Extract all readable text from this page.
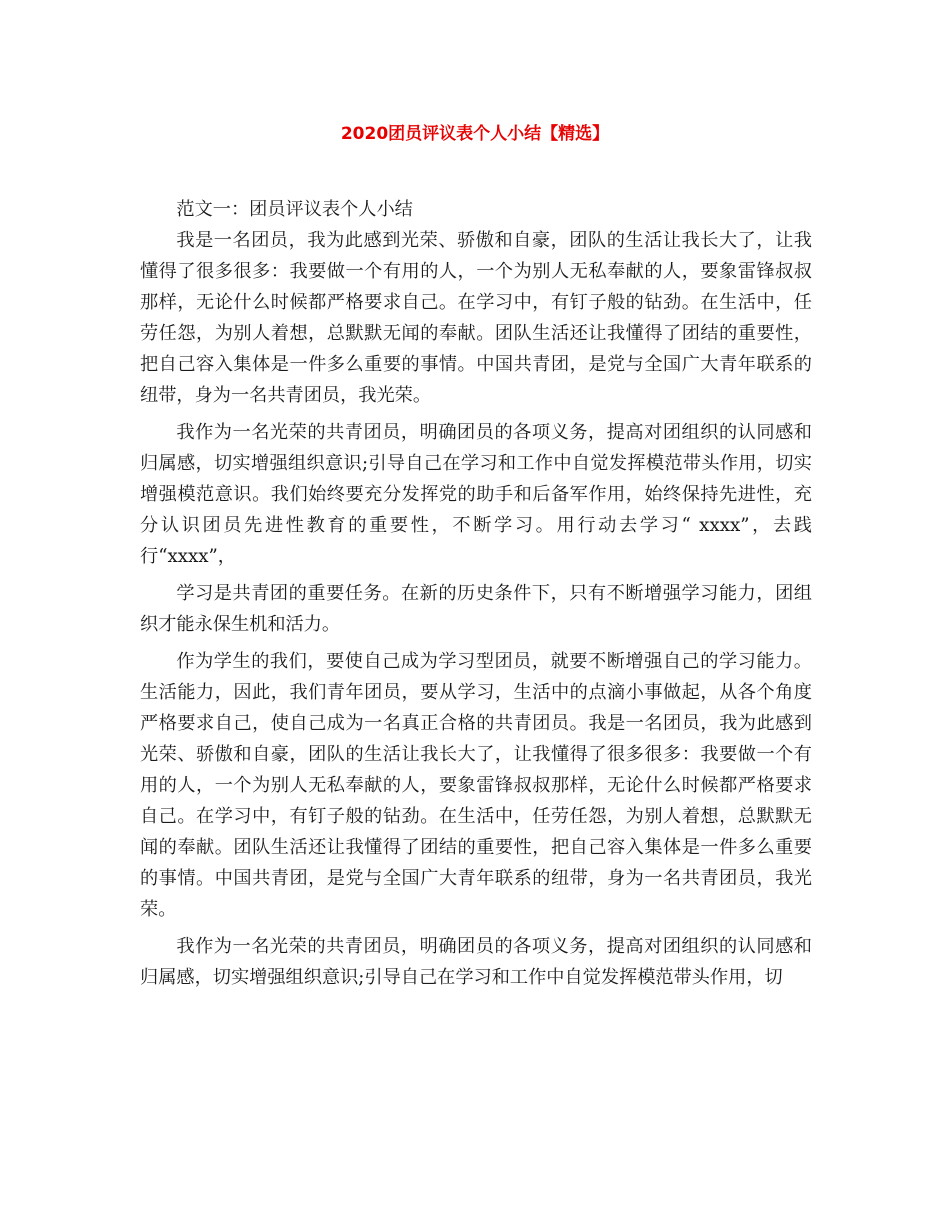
2020团员评议表个人小结【精选】

范文一：团员评议表个人小结

我是一名团员，我为此感到光荣、骄傲和自豪，团队的生活让我长大了，让我懂得了很多很多：我要做一个有用的人，一个为别人无私奉献的人，要象雷锋叔叔那样，无论什么时候都严格要求自己。在学习中，有钉子般的钻劲。在生活中，任劳任怨，为别人着想，总默默无闻的奉献。团队生活还让我懂得了团结的重要性，把自己容入集体是一件多么重要的事情。中国共青团，是党与全国广大青年联系的纽带，身为一名共青团员，我光荣。

我作为一名光荣的共青团员，明确团员的各项义务，提高对团组织的认同感和归属感，切实增强组织意识;引导自己在学习和工作中自觉发挥模范带头作用，切实增强模范意识。我们始终要充分发挥党的助手和后备军作用，始终保持先进性，充分认识团员先进性教育的重要性，不断学习。用行动去学习“ xxxx”，去践行“xxxx”，

学习是共青团的重要任务。在新的历史条件下，只有不断增强学习能力，团组织才能永保生机和活力。

作为学生的我们，要使自己成为学习型团员，就要不断增强自己的学习能力。生活能力，因此，我们青年团员，要从学习，生活中的点滴小事做起，从各个角度严格要求自己，使自己成为一名真正合格的共青团员。我是一名团员，我为此感到光荣、骄傲和自豪，团队的生活让我长大了，让我懂得了很多很多：我要做一个有用的人，一个为别人无私奉献的人，要象雷锋叔叔那样，无论什么时候都严格要求自己。在学习中，有钉子般的钻劲。在生活中，任劳任怨，为别人着想，总默默无闻的奉献。团队生活还让我懂得了团结的重要性，把自己容入集体是一件多么重要的事情。中国共青团，是党与全国广大青年联系的纽带，身为一名共青团员，我光荣。

我作为一名光荣的共青团员，明确团员的各项义务，提高对团组织的认同感和归属感，切实增强组织意识;引导自己在学习和工作中自觉发挥模范带头作用，切
